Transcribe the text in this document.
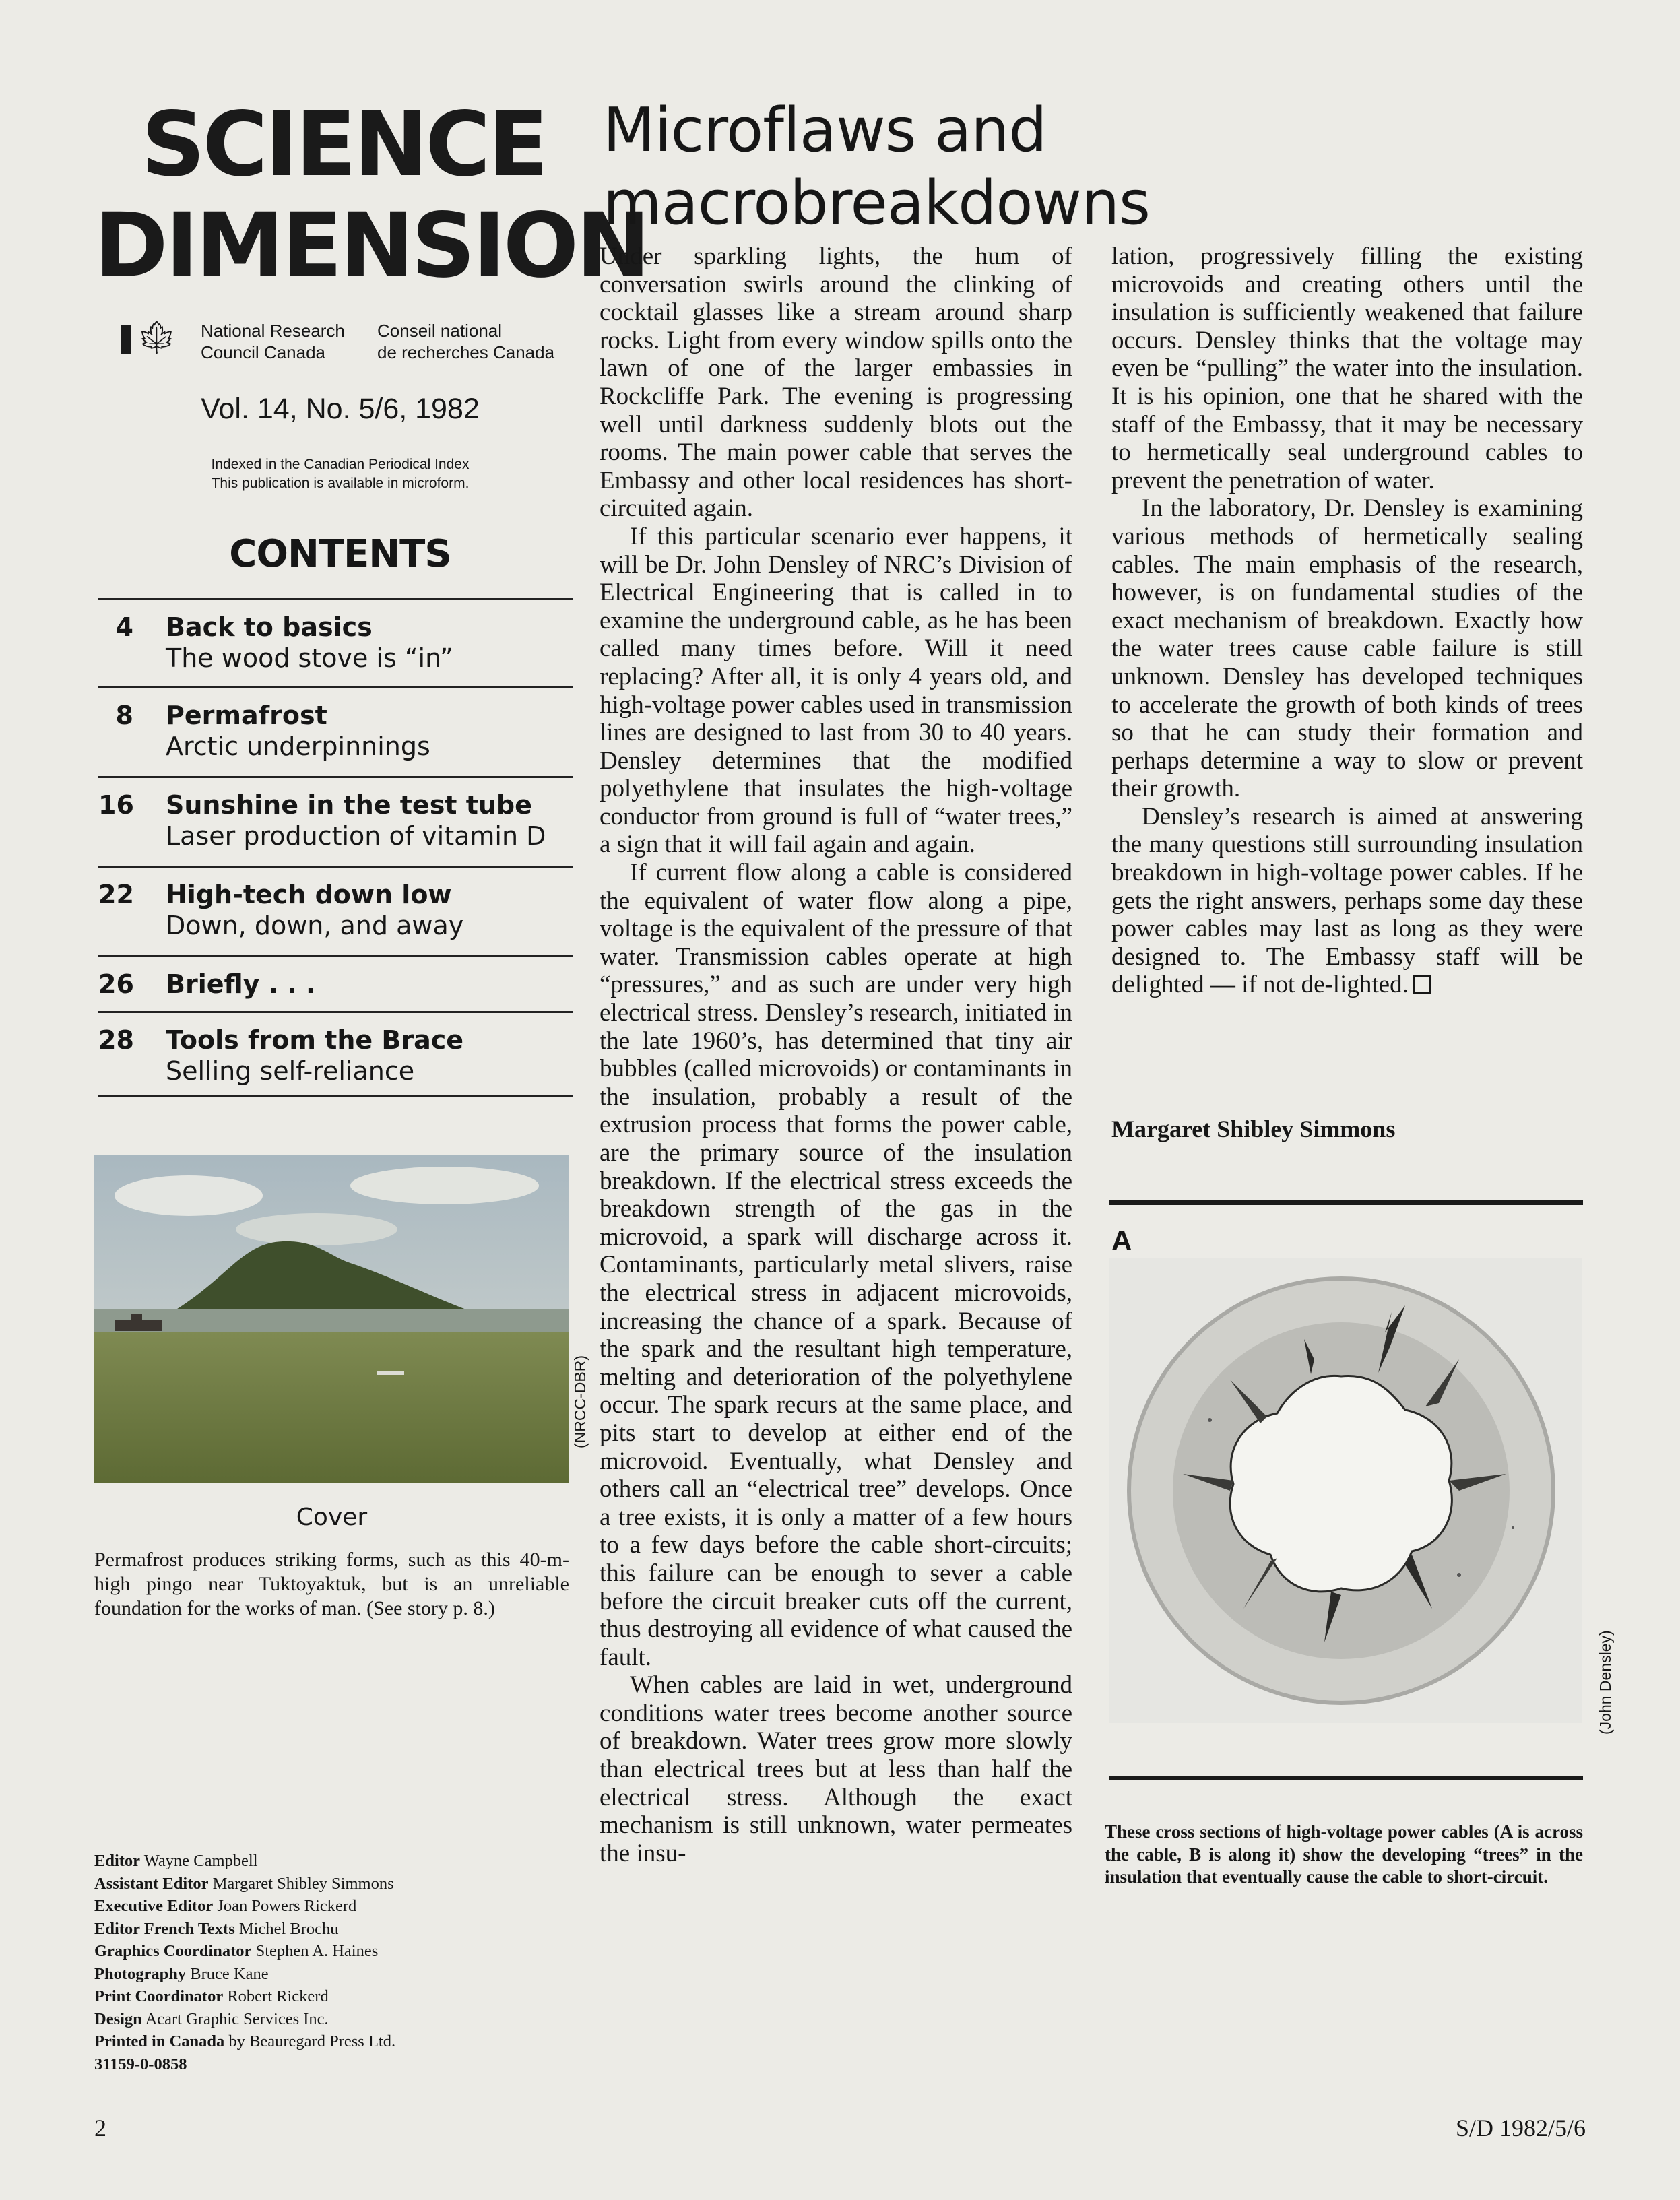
SCIENCE
DIMENSION
🍁︎ National Research
Council Canada
Conseil national
de recherches Canada
Vol. 14, No. 5/6, 1982
Indexed in the Canadian Periodical Index
This publication is available in microform.
CONTENTS
4 Back to basics
The wood stove is “in”
8 Permafrost
Arctic underpinnings
16 Sunshine in the test tube
Laser production of vitamin D
22 High-tech down low
Down, down, and away
26 Briefly . . .
28 Tools from the Brace
Selling self-reliance
(NRCC-DBR)
Cover
Permafrost produces striking forms, such as this 40-m-high pingo near Tuktoyaktuk, but is an unreliable foundation for the works of man. (See story p. 8.)
Editor Wayne Campbell
Assistant Editor Margaret Shibley Simmons
Executive Editor Joan Powers Rickerd
Editor French Texts Michel Brochu
Graphics Coordinator Stephen A. Haines
Photography Bruce Kane
Print Coordinator Robert Rickerd
Design Acart Graphic Services Inc.
Printed in Canada by Beauregard Press Ltd.
31159-0-0858
Microflaws and
macrobreakdowns

Under sparkling lights, the hum of conversation swirls around the clinking of cocktail glasses like a stream around sharp rocks. Light from every window spills onto the lawn of one of the larger embassies in Rockcliffe Park. The evening is progressing well until darkness suddenly blots out the rooms. The main power cable that serves the Embassy and other local residences has short-circuited again.

If this particular scenario ever happens, it will be Dr. John Densley of NRC’s Division of Electrical Engineering that is called in to examine the underground cable, as he has been called many times before. Will it need replacing? After all, it is only 4 years old, and high-voltage power cables used in transmission lines are designed to last from 30 to 40 years. Densley determines that the modified polyethylene that insulates the high-voltage conductor from ground is full of “water trees,” a sign that it will fail again and again.

If current flow along a cable is considered the equivalent of water flow along a pipe, voltage is the equivalent of the pressure of that water. Transmission cables operate at high “pressures,” and as such are under very high electrical stress. Densley’s research, initiated in the late 1960’s, has determined that tiny air bubbles (called microvoids) or contaminants in the insulation, probably a result of the extrusion process that forms the power cable, are the primary source of the insulation breakdown. If the electrical stress exceeds the breakdown strength of the gas in the microvoid, a spark will discharge across it. Contaminants, particularly metal slivers, raise the electrical stress in adjacent microvoids, increasing the chance of a spark. Because of the spark and the resultant high temperature, melting and deterioration of the polyethylene occur. The spark recurs at the same place, and pits start to develop at either end of the microvoid. Eventually, what Densley and others call an “electrical tree” develops. Once a tree exists, it is only a matter of a few hours to a few days before the cable short-circuits; this failure can be enough to sever a cable before the circuit breaker cuts off the current, thus destroying all evidence of what caused the fault.

When cables are laid in wet, underground conditions water trees become another source of breakdown. Water trees grow more slowly than electrical trees but at less than half the electrical stress. Although the exact mechanism is still unknown, water permeates the insu-

lation, progressively filling the existing microvoids and creating others until the insulation is sufficiently weakened that failure occurs. Densley thinks that the voltage may even be “pulling” the water into the insulation. It is his opinion, one that he shared with the staff of the Embassy, that it may be necessary to hermetically seal underground cables to prevent the penetration of water.

In the laboratory, Dr. Densley is examining various methods of hermetically sealing cables. The main emphasis of the research, however, is on fundamental studies of the exact mechanism of breakdown. Exactly how the water trees cause cable failure is still unknown. Densley has developed techniques to accelerate the growth of both kinds of trees so that he can study their formation and perhaps determine a way to slow or prevent their growth.

Densley’s research is aimed at answering the many questions still surrounding insulation breakdown in high-voltage power cables. If he gets the right answers, perhaps some day these power cables may last as long as they were designed to. The Embassy staff will be delighted — if not de-lighted.

Margaret Shibley Simmons
A
(John Densley)
These cross sections of high-voltage power cables (A is across the cable, B is along it) show the developing “trees” in the insulation that eventually cause the cable to short-circuit.
2	S/D 1982/5/6
